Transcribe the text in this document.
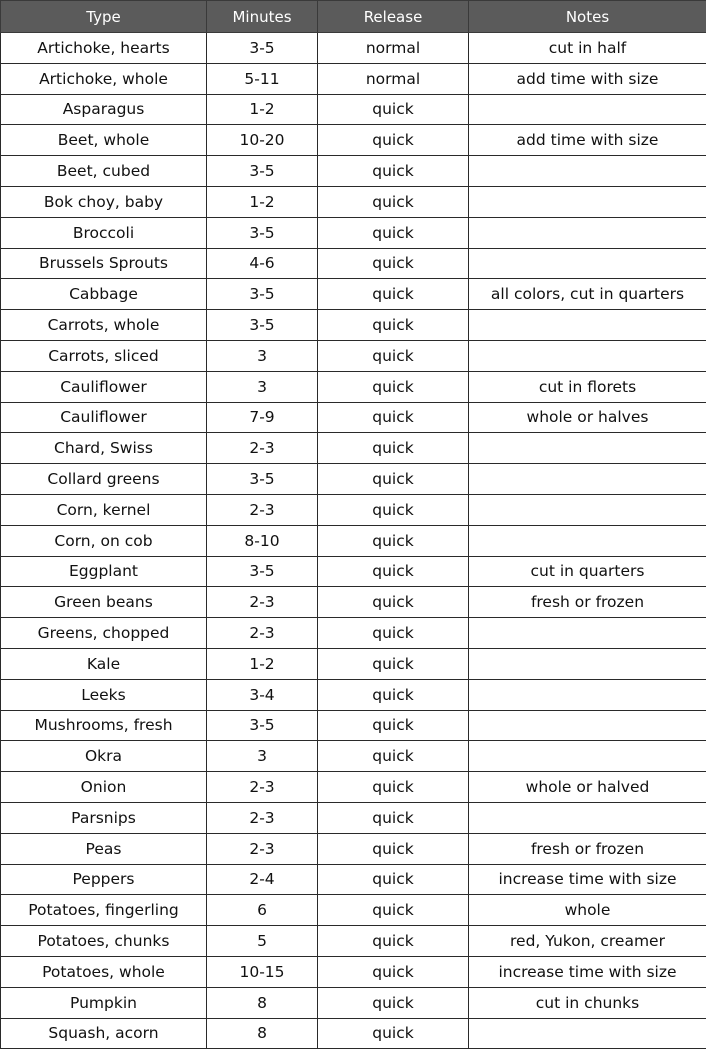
Type	Minutes	Release	Notes
Artichoke, hearts	3-5	normal	cut in half
Artichoke, whole	5-11	normal	add time with size
Asparagus	1-2	quick	
Beet, whole	10-20	quick	add time with size
Beet, cubed	3-5	quick	
Bok choy, baby	1-2	quick	
Broccoli	3-5	quick	
Brussels Sprouts	4-6	quick	
Cabbage	3-5	quick	all colors, cut in quarters
Carrots, whole	3-5	quick	
Carrots, sliced	3	quick	
Cauliflower	3	quick	cut in florets
Cauliflower	7-9	quick	whole or halves
Chard, Swiss	2-3	quick	
Collard greens	3-5	quick	
Corn, kernel	2-3	quick	
Corn, on cob	8-10	quick	
Eggplant	3-5	quick	cut in quarters
Green beans	2-3	quick	fresh or frozen
Greens, chopped	2-3	quick	
Kale	1-2	quick	
Leeks	3-4	quick	
Mushrooms, fresh	3-5	quick	
Okra	3	quick	
Onion	2-3	quick	whole or halved
Parsnips	2-3	quick	
Peas	2-3	quick	fresh or frozen
Peppers	2-4	quick	increase time with size
Potatoes, fingerling	6	quick	whole
Potatoes, chunks	5	quick	red, Yukon, creamer
Potatoes, whole	10-15	quick	increase time with size
Pumpkin	8	quick	cut in chunks
Squash, acorn	8	quick	
